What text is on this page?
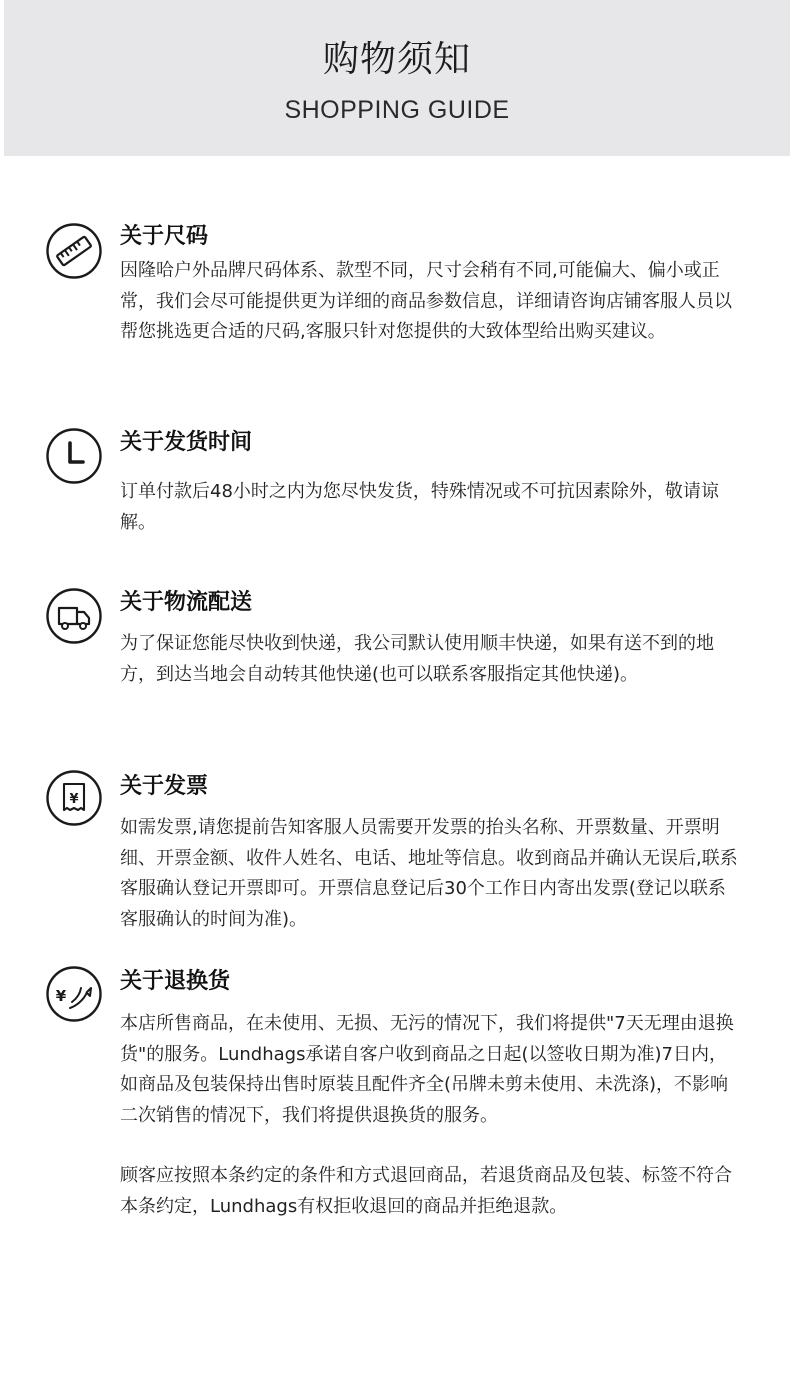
购物须知
SHOPPING GUIDE
关于尺码

因隆哈户外品牌尺码体系、款型不同，尺寸会稍有不同,可能偏大、偏小或正常，我们会尽可能提供更为详细的商品参数信息，详细请咨询店铺客服人员以帮您挑选更合适的尺码,客服只针对您提供的大致体型给出购买建议。

关于发货时间

订单付款后48小时之内为您尽快发货，特殊情况或不可抗因素除外，敬请谅解。

关于物流配送

为了保证您能尽快收到快递，我公司默认使用顺丰快递，如果有送不到的地方，到达当地会自动转其他快递(也可以联系客服指定其他快递)。

¥
关于发票

如需发票,请您提前告知客服人员需要开发票的抬头名称、开票数量、开票明细、开票金额、收件人姓名、电话、地址等信息。收到商品并确认无误后,联系客服确认登记开票即可。开票信息登记后30个工作日内寄出发票(登记以联系客服确认的时间为准)。

¥
关于退换货

本店所售商品，在未使用、无损、无污的情况下，我们将提供"7天无理由退换货"的服务。Lundhags承诺自客户收到商品之日起(以签收日期为准)7日内，如商品及包装保持出售时原装且配件齐全(吊牌未剪未使用、未洗涤)，不影响二次销售的情况下，我们将提供退换货的服务。

顾客应按照本条约定的条件和方式退回商品，若退货商品及包装、标签不符合本条约定，Lundhags有权拒收退回的商品并拒绝退款。
